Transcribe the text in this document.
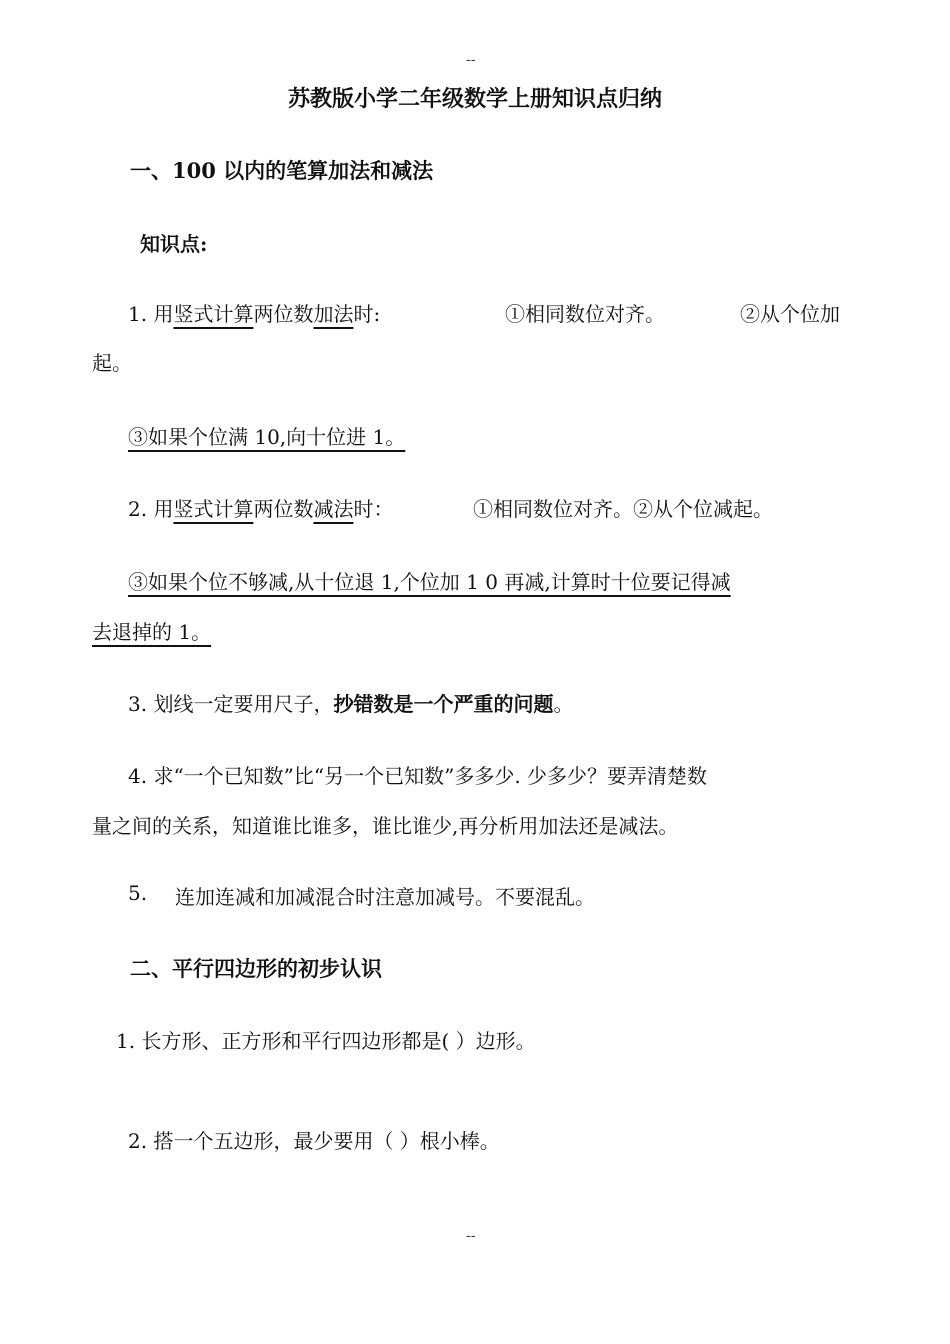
--
苏教版小学二年级数学上册知识点归纳
一、100 以内的笔算加法和减法
知识点:
1. 用竖式计算两位数加法时:	①相同数位对齐。	②从个位加
起。
③如果个位满 10,向十位进 1。
2. 用竖式计算两位数减法时：	①相同数位对齐。②从个位减起。
③如果个位不够减,从十位退 1,个位加 1 0 再减,计算时十位要记得减
去退掉的 1。
3. 划线一定要用尺子，抄错数是一个严重的问题。
4. 求“一个已知数”比“另一个已知数”多多少. 少多少？要弄清楚数
量之间的关系，知道谁比谁多，谁比谁少,再分析用加法还是减法。
5. 连加连减和加减混合时注意加减号。不要混乱。
二、平行四边形的初步认识
1. 长方形、正方形和平行四边形都是( ）边形。
2. 搭一个五边形，最少要用（ ）根小棒。
--
